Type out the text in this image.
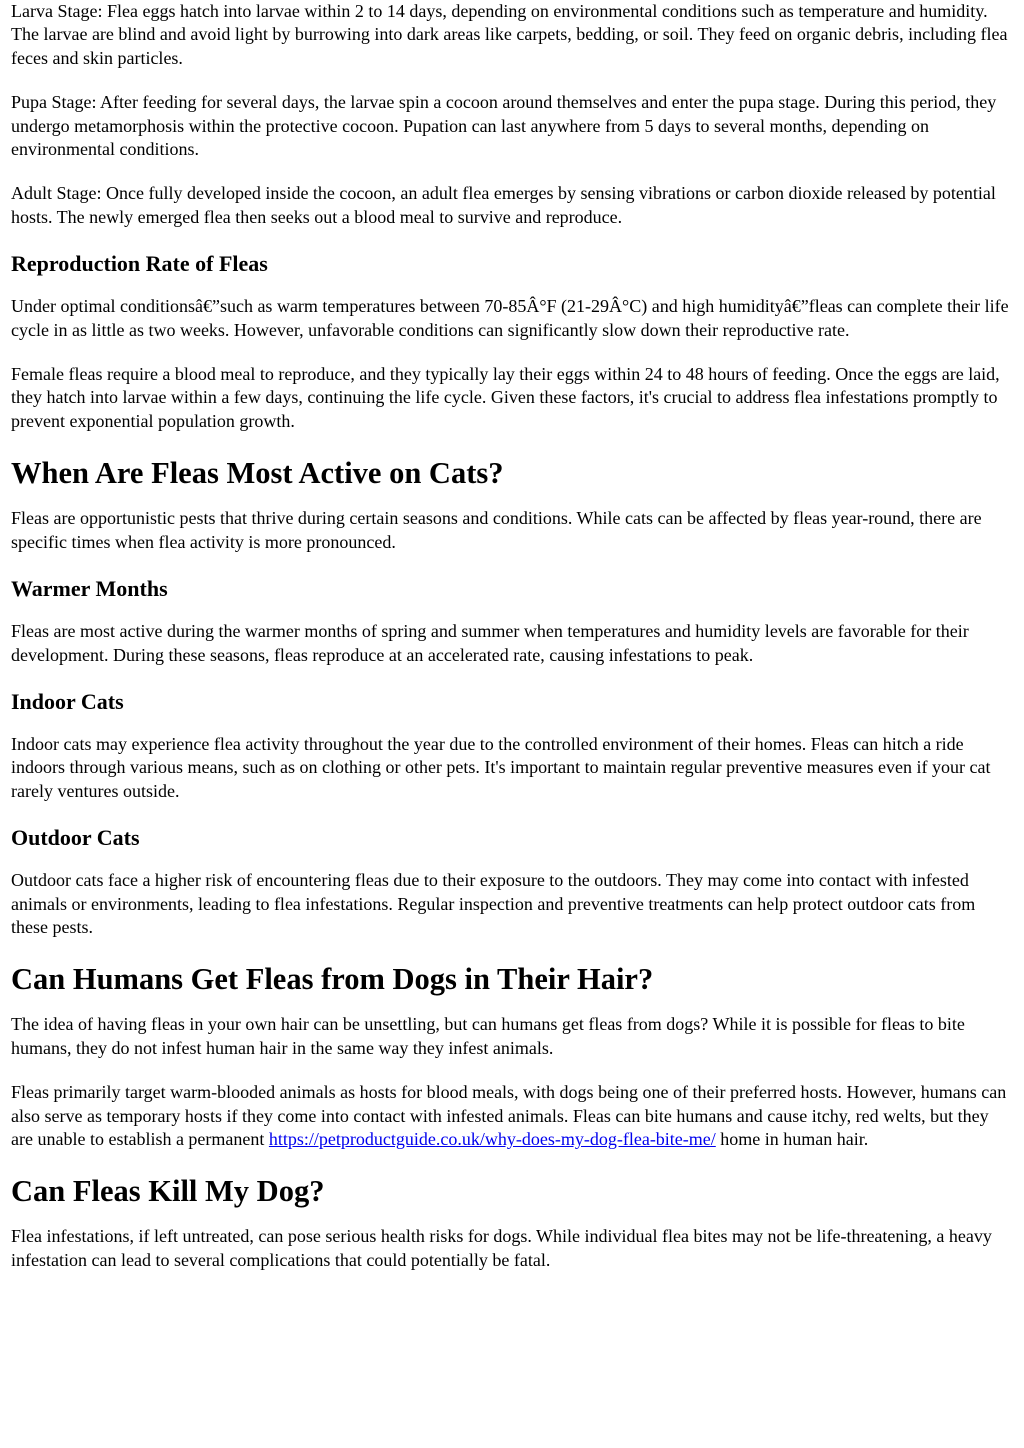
Larva Stage: Flea eggs hatch into larvae within 2 to 14 days, depending on environmental conditions such as temperature and humidity. The larvae are blind and avoid light by burrowing into dark areas like carpets, bedding, or soil. They feed on organic debris, including flea feces and skin particles.

Pupa Stage: After feeding for several days, the larvae spin a cocoon around themselves and enter the pupa stage. During this period, they undergo metamorphosis within the protective cocoon. Pupation can last anywhere from 5 days to several months, depending on environmental conditions.

Adult Stage: Once fully developed inside the cocoon, an adult flea emerges by sensing vibrations or carbon dioxide released by potential hosts. The newly emerged flea then seeks out a blood meal to survive and reproduce.

Reproduction Rate of Fleas

Under optimal conditionsâ€”such as warm temperatures between 70-85Â°F (21-29Â°C) and high humidityâ€”fleas can complete their life cycle in as little as two weeks. However, unfavorable conditions can significantly slow down their reproductive rate.

Female fleas require a blood meal to reproduce, and they typically lay their eggs within 24 to 48 hours of feeding. Once the eggs are laid, they hatch into larvae within a few days, continuing the life cycle. Given these factors, it's crucial to address flea infestations promptly to prevent exponential population growth.

When Are Fleas Most Active on Cats?

Fleas are opportunistic pests that thrive during certain seasons and conditions. While cats can be affected by fleas year-round, there are specific times when flea activity is more pronounced.

Warmer Months

Fleas are most active during the warmer months of spring and summer when temperatures and humidity levels are favorable for their development. During these seasons, fleas reproduce at an accelerated rate, causing infestations to peak.

Indoor Cats

Indoor cats may experience flea activity throughout the year due to the controlled environment of their homes. Fleas can hitch a ride indoors through various means, such as on clothing or other pets. It's important to maintain regular preventive measures even if your cat rarely ventures outside.

Outdoor Cats

Outdoor cats face a higher risk of encountering fleas due to their exposure to the outdoors. They may come into contact with infested animals or environments, leading to flea infestations. Regular inspection and preventive treatments can help protect outdoor cats from these pests.

Can Humans Get Fleas from Dogs in Their Hair?

The idea of having fleas in your own hair can be unsettling, but can humans get fleas from dogs? While it is possible for fleas to bite humans, they do not infest human hair in the same way they infest animals.

Fleas primarily target warm-blooded animals as hosts for blood meals, with dogs being one of their preferred hosts. However, humans can also serve as temporary hosts if they come into contact with infested animals. Fleas can bite humans and cause itchy, red welts, but they are unable to establish a permanent https://petproductguide.co.uk/why-does-my-dog-flea-bite-me/ home in human hair.

Can Fleas Kill My Dog?

Flea infestations, if left untreated, can pose serious health risks for dogs. While individual flea bites may not be life-threatening, a heavy infestation can lead to several complications that could potentially be fatal.
